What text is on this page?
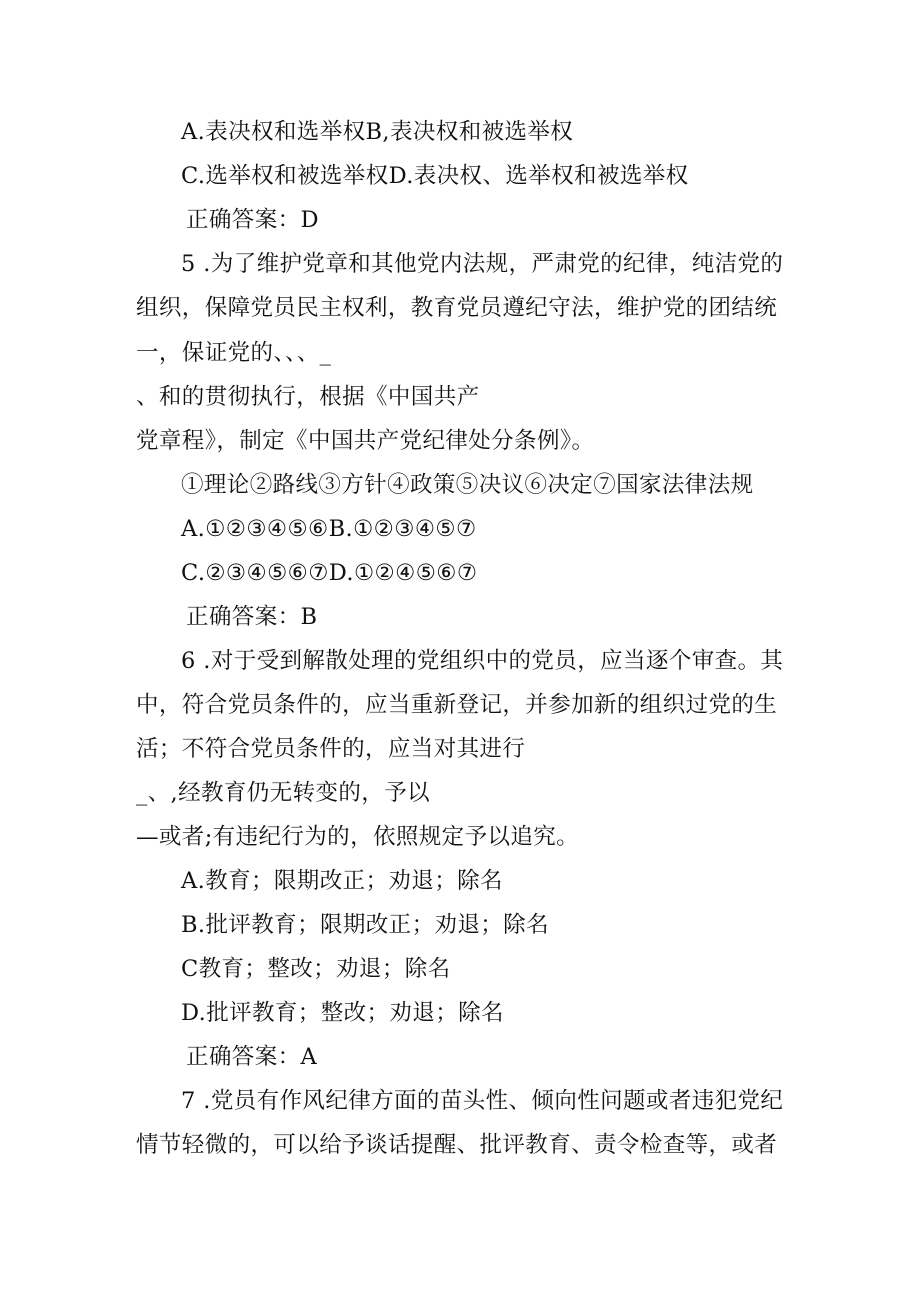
A.表决权和选举权B,表决权和被选举权

C.选举权和被选举权D.表决权、选举权和被选举权

正确答案：D

5 .为了维护党章和其他党内法规，严肃党的纪律，纯洁党的

组织，保障党员民主权利，教育党员遵纪守法，维护党的团结统

一，保证党的、、、_

、和的贯彻执行，根据《中国共产

党章程》，制定《中国共产党纪律处分条例》。

①理论②路线③方针④政策⑤决议⑥决定⑦国家法律法规

A.①②③④⑤⑥B.①②③④⑤⑦

C.②③④⑤⑥⑦D.①②④⑤⑥⑦

正确答案：B

6 .对于受到解散处理的党组织中的党员，应当逐个审查。其

中，符合党员条件的，应当重新登记，并参加新的组织过党的生

活；不符合党员条件的，应当对其进行

_、,经教育仍无转变的，予以

—或者;有违纪行为的，依照规定予以追究。

A.教育；限期改正；劝退；除名

B.批评教育；限期改正；劝退；除名

C教育；整改；劝退；除名

D.批评教育；整改；劝退；除名

正确答案：A

7 .党员有作风纪律方面的苗头性、倾向性问题或者违犯党纪

情节轻微的，可以给予谈话提醒、批评教育、责令检查等，或者
